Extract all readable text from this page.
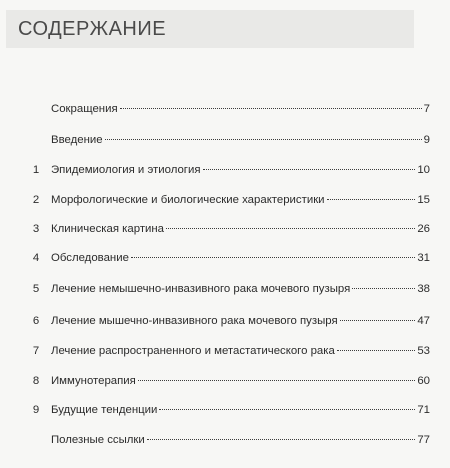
СОДЕРЖАНИЕ
Сокращения	7
Введение	9
1 Эпидемиология и этиология	10
2 Морфологические и биологические характеристики	15
3 Клиническая картина	26
4 Обследование	31
5 Лечение немышечно-инвазивного рака мочевого пузыря	38
6 Лечение мышечно-инвазивного рака мочевого пузыря	47
7 Лечение распространенного и метастатического рака	53
8 Иммунотерапия	60
9 Будущие тенденции	71
Полезные ссылки	77
